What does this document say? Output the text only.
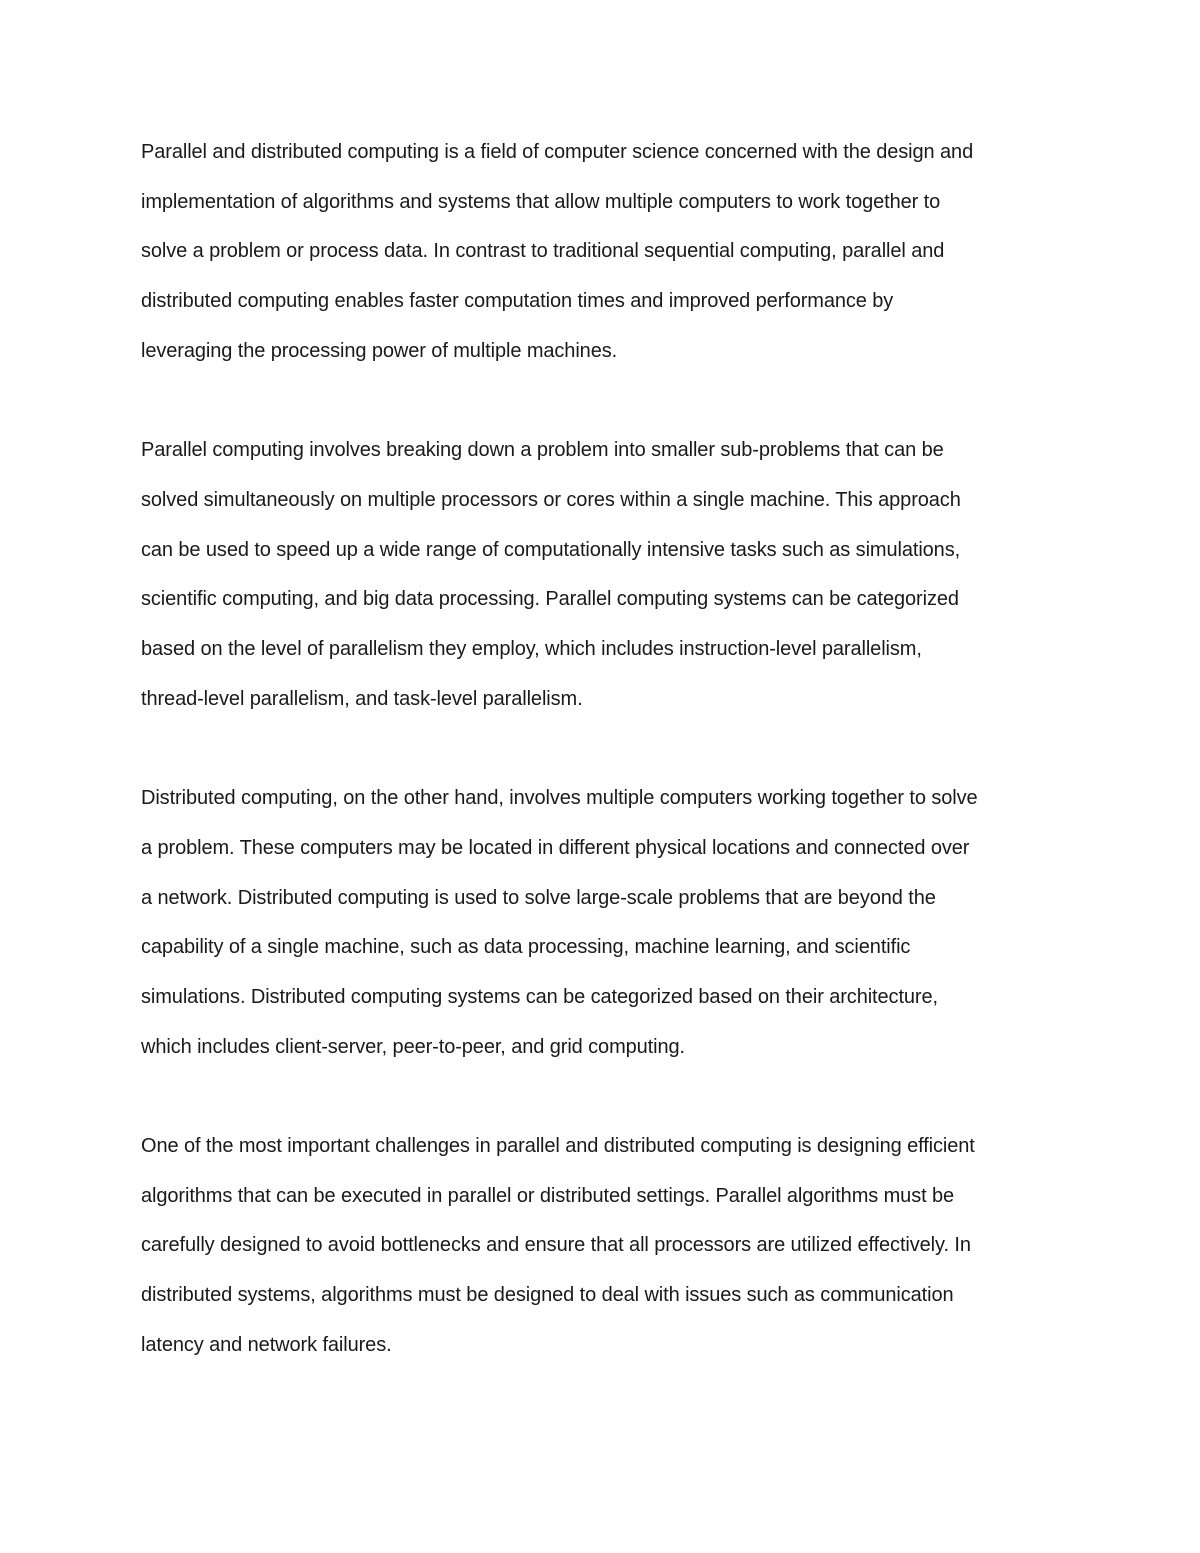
Parallel and distributed computing is a field of computer science concerned with the design and
implementation of algorithms and systems that allow multiple computers to work together to
solve a problem or process data. In contrast to traditional sequential computing, parallel and
distributed computing enables faster computation times and improved performance by
leveraging the processing power of multiple machines.

Parallel computing involves breaking down a problem into smaller sub-problems that can be
solved simultaneously on multiple processors or cores within a single machine. This approach
can be used to speed up a wide range of computationally intensive tasks such as simulations,
scientific computing, and big data processing. Parallel computing systems can be categorized
based on the level of parallelism they employ, which includes instruction-level parallelism,
thread-level parallelism, and task-level parallelism.

Distributed computing, on the other hand, involves multiple computers working together to solve
a problem. These computers may be located in different physical locations and connected over
a network. Distributed computing is used to solve large-scale problems that are beyond the
capability of a single machine, such as data processing, machine learning, and scientific
simulations. Distributed computing systems can be categorized based on their architecture,
which includes client-server, peer-to-peer, and grid computing.

One of the most important challenges in parallel and distributed computing is designing efficient
algorithms that can be executed in parallel or distributed settings. Parallel algorithms must be
carefully designed to avoid bottlenecks and ensure that all processors are utilized effectively. In
distributed systems, algorithms must be designed to deal with issues such as communication
latency and network failures.
